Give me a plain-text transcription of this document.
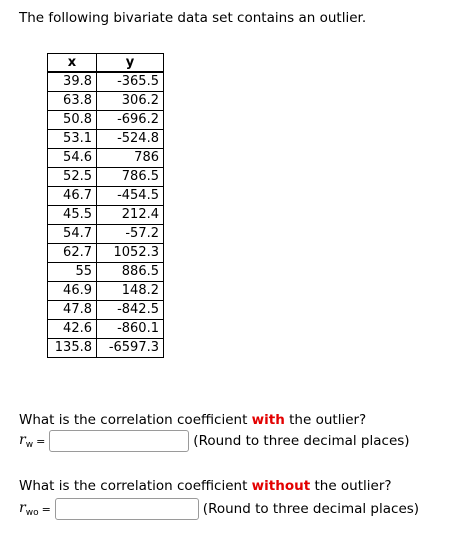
The following bivariate data set contains an outlier.
x	y
39.8	-365.5
63.8	306.2
50.8	-696.2
53.1	-524.8
54.6	786
52.5	786.5
46.7	-454.5
45.5	212.4
54.7	-57.2
62.7	1052.3
55	886.5
46.9	148.2
47.8	-842.5
42.6	-860.1
135.8	-6597.3
What is the correlation coefficient with the outlier?
$r_w$ =	(Round to three decimal places)
What is the correlation coefficient without the outlier?
$r_{wo}$ =	(Round to three decimal places)
